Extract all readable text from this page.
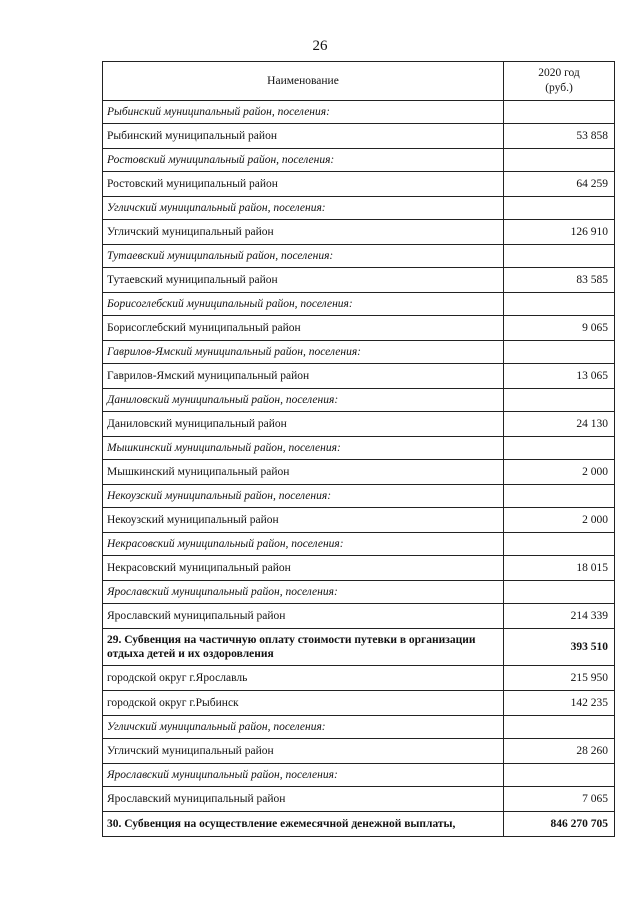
26
Наименование	2020 год
(руб.)
Рыбинский муниципальный район, поселения:	
Рыбинский муниципальный район	53 858
Ростовский муниципальный район, поселения:	
Ростовский муниципальный район	64 259
Угличский муниципальный район, поселения:	
Угличский муниципальный район	126 910
Тутаевский муниципальный район, поселения:	
Тутаевский муниципальный район	83 585
Борисоглебский муниципальный район, поселения:	
Борисоглебский муниципальный район	9 065
Гаврилов-Ямский муниципальный район, поселения:	
Гаврилов-Ямский муниципальный район	13 065
Даниловский муниципальный район, поселения:	
Даниловский муниципальный район	24 130
Мышкинский муниципальный район, поселения:	
Мышкинский муниципальный район	2 000
Некоузский муниципальный район, поселения:	
Некоузский муниципальный район	2 000
Некрасовский муниципальный район, поселения:	
Некрасовский муниципальный район	18 015
Ярославский муниципальный район, поселения:	
Ярославский муниципальный район	214 339
29. Субвенция на частичную оплату стоимости путевки в организации отдыха детей и их оздоровления	393 510
городской округ г.Ярославль	215 950
городской округ г.Рыбинск	142 235
Угличский муниципальный район, поселения:	
Угличский муниципальный район	28 260
Ярославский муниципальный район, поселения:	
Ярославский муниципальный район	7 065
30. Субвенция на осуществление ежемесячной денежной выплаты,	846 270 705
